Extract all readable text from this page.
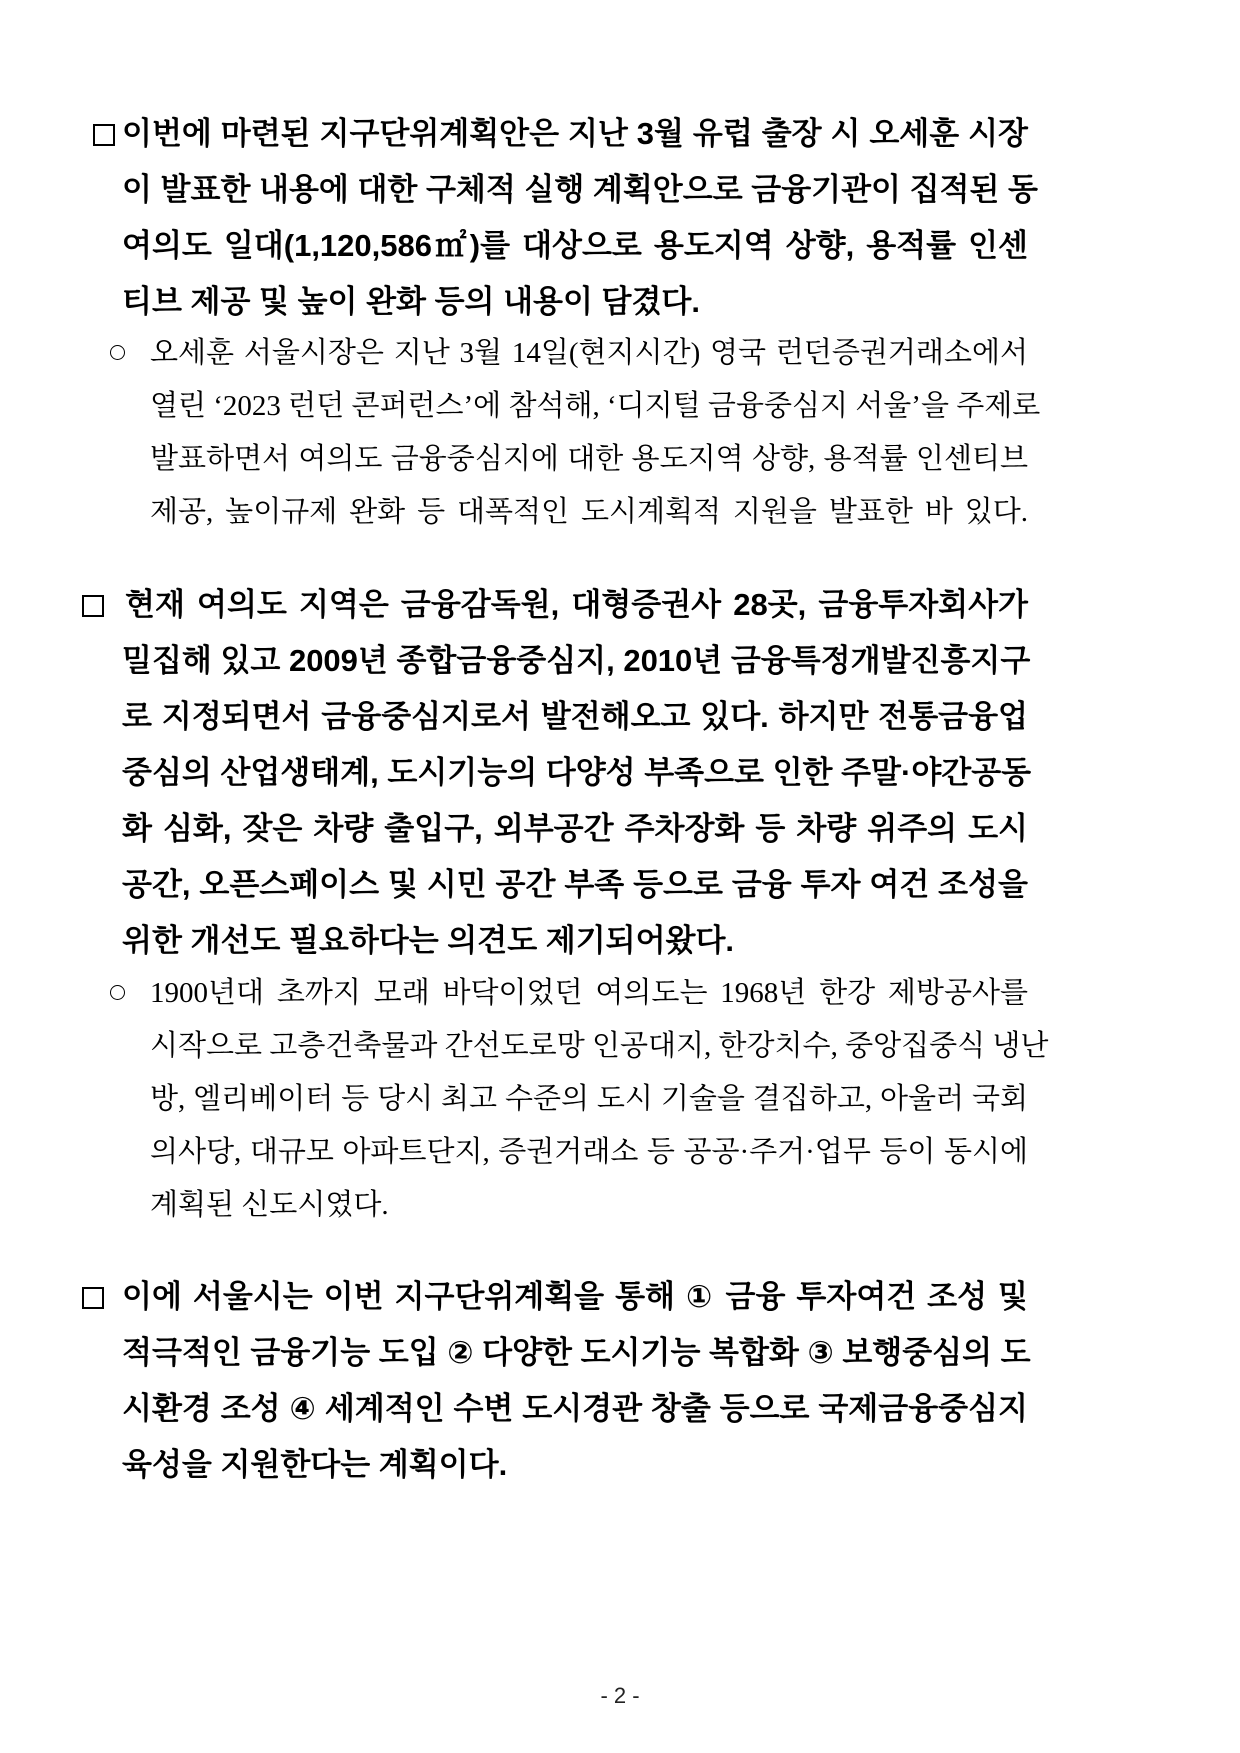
이번에 마련된 지구단위계획안은 지난 3월 유럽 출장 시 오세훈 시장
이 발표한 내용에 대한 구체적 실행 계획안으로 금융기관이 집적된 동
여의도 일대(1,120,586㎡)를 대상으로 용도지역 상향, 용적률 인센
티브 제공 및 높이 완화 등의 내용이 담겼다.
오세훈 서울시장은 지난 3월 14일(현지시간) 영국 런던증권거래소에서
열린 ‘2023 런던 콘퍼런스’에 참석해, ‘디지털 금융중심지 서울’을 주제로
발표하면서 여의도 금융중심지에 대한 용도지역 상향, 용적률 인센티브
제공, 높이규제 완화 등 대폭적인 도시계획적 지원을 발표한 바 있다.
현재 여의도 지역은 금융감독원, 대형증권사 28곳, 금융투자회사가
밀집해 있고 2009년 종합금융중심지, 2010년 금융특정개발진흥지구
로 지정되면서 금융중심지로서 발전해오고 있다. 하지만 전통금융업
중심의 산업생태계, 도시기능의 다양성 부족으로 인한 주말·야간공동
화 심화, 잦은 차량 출입구, 외부공간 주차장화 등 차량 위주의 도시
공간, 오픈스페이스 및 시민 공간 부족 등으로 금융 투자 여건 조성을
위한 개선도 필요하다는 의견도 제기되어왔다.
1900년대 초까지 모래 바닥이었던 여의도는 1968년 한강 제방공사를
시작으로 고층건축물과 간선도로망 인공대지, 한강치수, 중앙집중식 냉난
방, 엘리베이터 등 당시 최고 수준의 도시 기술을 결집하고, 아울러 국회
의사당, 대규모 아파트단지, 증권거래소 등 공공·주거·업무 등이 동시에
계획된 신도시였다.
이에 서울시는 이번 지구단위계획을 통해 ① 금융 투자여건 조성 및
적극적인 금융기능 도입 ② 다양한 도시기능 복합화 ③ 보행중심의 도
시환경 조성 ④ 세계적인 수변 도시경관 창출 등으로 국제금융중심지
육성을 지원한다는 계획이다.
- 2 -
